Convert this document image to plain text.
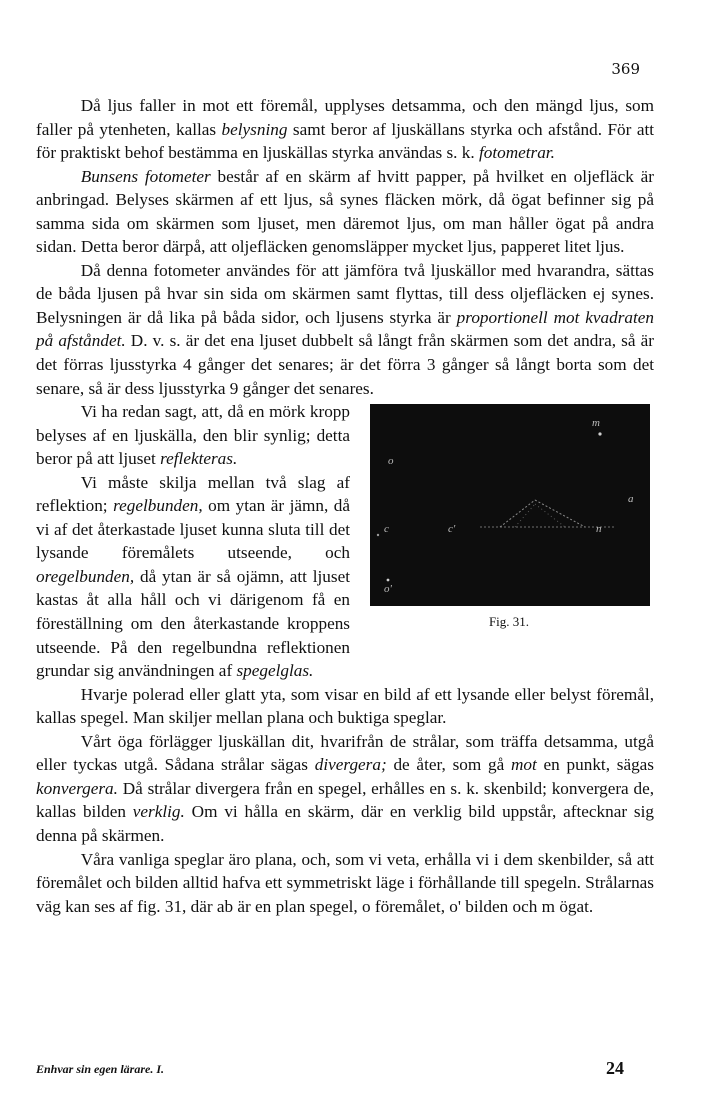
369

Då ljus faller in mot ett föremål, upplyses detsamma, och den mängd ljus, som faller på ytenheten, kallas belysning samt beror af ljuskällans styrka och afstånd. För att för praktiskt behof bestämma en ljuskällas styrka användas s. k. fotometrar.

Bunsens fotometer består af en skärm af hvitt papper, på hvilket en oljefläck är anbringad. Belyses skärmen af ett ljus, så synes fläcken mörk, då ögat befinner sig på samma sida om skärmen som ljuset, men däremot ljus, om man håller ögat på andra sidan. Detta beror därpå, att oljefläcken genomsläpper mycket ljus, papperet litet ljus.

Då denna fotometer användes för att jämföra två ljuskällor med hvarandra, sättas de båda ljusen på hvar sin sida om skärmen samt flyttas, till dess oljefläcken ej synes. Belysningen är då lika på båda sidor, och ljusens styrka är proportionell mot kvadraten på afståndet. D. v. s. är det ena ljuset dubbelt så långt från skärmen som det andra, så är det förras ljusstyrka 4 gånger det senares; är det förra 3 gånger så långt borta som det senare, så är dess ljusstyrka 9 gånger det senares.

m
o
c
o'
c'	n
a
Fig. 31.

Vi ha redan sagt, att, då en mörk kropp belyses af en ljuskälla, den blir synlig; detta beror på att ljuset reflekteras.

Vi måste skilja mellan två slag af reflektion; regelbunden, om ytan är jämn, då vi af det återkastade ljuset kunna sluta till det lysande föremålets utseende, och oregelbunden, då ytan är så ojämn, att ljuset kastas åt alla håll och vi därigenom få en föreställning om den återkastande kroppens utseende. På den regelbundna reflektionen grundar sig användningen af spegelglas.

Hvarje polerad eller glatt yta, som visar en bild af ett lysande eller belyst föremål, kallas spegel. Man skiljer mellan plana och buktiga speglar.

Vårt öga förlägger ljuskällan dit, hvarifrån de strålar, som träffa detsamma, utgå eller tyckas utgå. Sådana strålar sägas divergera; de åter, som gå mot en punkt, sägas konvergera. Då strålar divergera från en spegel, erhålles en s. k. skenbild; konvergera de, kallas bilden verklig. Om vi hålla en skärm, där en verklig bild uppstår, aftecknar sig denna på skärmen.

Våra vanliga speglar äro plana, och, som vi veta, erhålla vi i dem skenbilder, så att föremålet och bilden alltid hafva ett symmetriskt läge i förhållande till spegeln. Strålarnas väg kan ses af fig. 31, där ab är en plan spegel, o föremålet, o' bilden och m ögat.

Enhvar sin egen lärare. I.	24
